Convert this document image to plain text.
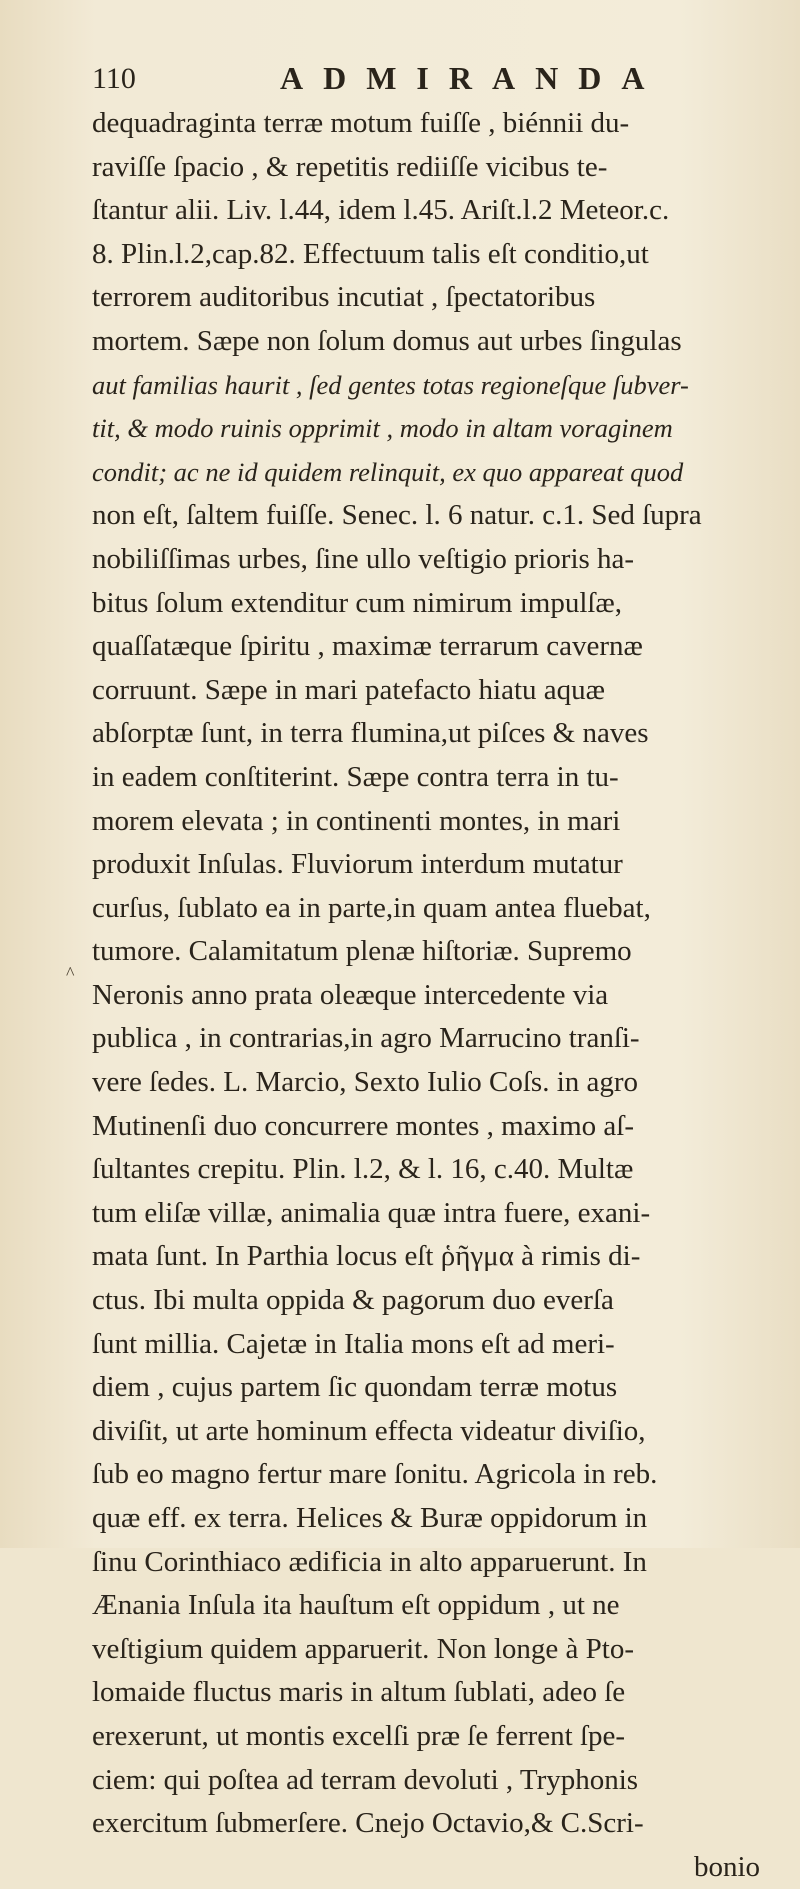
110	ADMIRANDA
dequadraginta terræ motum fuiſſe , biénnii du-
raviſſe ſpacio , & repetitis rediiſſe vicibus te-
ſtantur alii. Liv. l.44, idem l.45. Ariſt.l.2 Meteor.c.
8. Plin.l.2,cap.82. Effectuum talis eſt conditio,ut
terrorem auditoribus incutiat , ſpectatoribus
mortem. Sæpe non ſolum domus aut urbes ſingulas
aut familias haurit , ſed gentes totas regioneſque ſubver-
tit, & modo ruinis opprimit , modo in altam voraginem
condit; ac ne id quidem relinquit, ex quo appareat quod
non eſt, ſaltem fuiſſe. Senec. l. 6 natur. c.1. Sed ſupra
nobiliſſimas urbes, ſine ullo veſtigio prioris ha-
bitus ſolum extenditur cum nimirum impulſæ,
quaſſatæque ſpiritu , maximæ terrarum cavernæ
corruunt. Sæpe in mari patefacto hiatu aquæ
abſorptæ ſunt, in terra flumina,ut piſces & naves
in eadem conſtiterint. Sæpe contra terra in tu-
morem elevata ; in continenti montes, in mari
produxit Inſulas. Fluviorum interdum mutatur
curſus, ſublato ea in parte,in quam antea fluebat,
tumore. Calamitatum plenæ hiſtoriæ. Supremo
Neronis anno prata oleæque intercedente via
publica , in contrarias,in agro Marrucino tranſi-
vere ſedes. L. Marcio, Sexto Iulio Coſs. in agro
Mutinenſi duo concurrere montes , maximo aſ-
ſultantes crepitu. Plin. l.2, & l. 16, c.40. Multæ
tum eliſæ villæ, animalia quæ intra fuere, exani-
mata ſunt. In Parthia locus eſt ῥῆγμα à rimis di-
ctus. Ibi multa oppida & pagorum duo everſa
ſunt millia. Cajetæ in Italia mons eſt ad meri-
diem , cujus partem ſic quondam terræ motus
diviſit, ut arte hominum effecta videatur diviſio,
ſub eo magno fertur mare ſonitu. Agricola in reb.
quæ eff. ex terra. Helices & Buræ oppidorum in
ſinu Corinthiaco ædificia in alto apparuerunt. In
Ænania Inſula ita hauſtum eſt oppidum , ut ne
veſtigium quidem apparuerit. Non longe à Pto-
lomaide fluctus maris in altum ſublati, adeo ſe
erexerunt, ut montis excelſi præ ſe ferrent ſpe-
ciem: qui poſtea ad terram devoluti , Tryphonis
exercitum ſubmerſere. Cnejo Octavio,& C.Scri-
bonio
^
